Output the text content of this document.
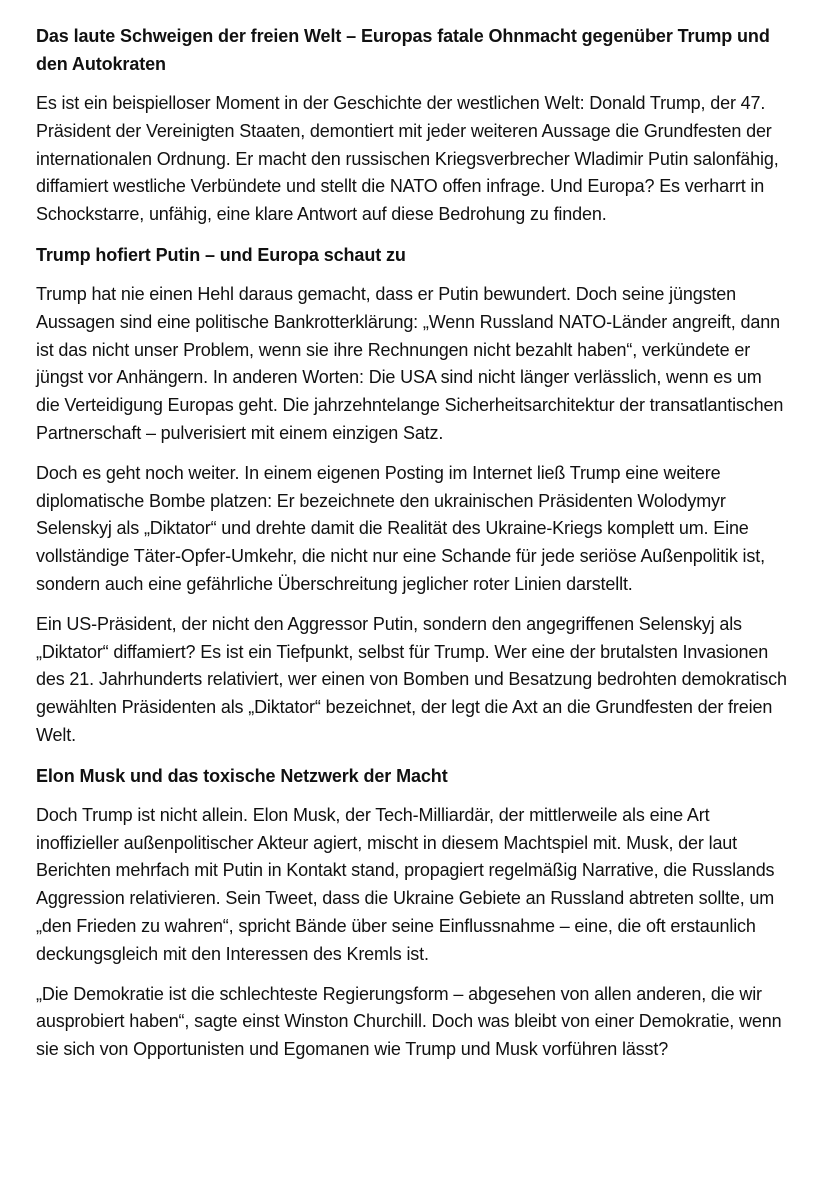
Das laute Schweigen der freien Welt – Europas fatale Ohnmacht gegenüber Trump und den Autokraten
Es ist ein beispielloser Moment in der Geschichte der westlichen Welt: Donald Trump, der 47. Präsident der Vereinigten Staaten, demontiert mit jeder weiteren Aussage die Grundfesten der internationalen Ordnung. Er macht den russischen Kriegsverbrecher Wladimir Putin salonfähig, diffamiert westliche Verbündete und stellt die NATO offen infrage. Und Europa? Es verharrt in Schockstarre, unfähig, eine klare Antwort auf diese Bedrohung zu finden.
Trump hofiert Putin – und Europa schaut zu
Trump hat nie einen Hehl daraus gemacht, dass er Putin bewundert. Doch seine jüngsten Aussagen sind eine politische Bankrotterklärung: „Wenn Russland NATO-Länder angreift, dann ist das nicht unser Problem, wenn sie ihre Rechnungen nicht bezahlt haben“, verkündete er jüngst vor Anhängern. In anderen Worten: Die USA sind nicht länger verlässlich, wenn es um die Verteidigung Europas geht. Die jahrzehntelange Sicherheitsarchitektur der transatlantischen Partnerschaft – pulverisiert mit einem einzigen Satz.
Doch es geht noch weiter. In einem eigenen Posting im Internet ließ Trump eine weitere diplomatische Bombe platzen: Er bezeichnete den ukrainischen Präsidenten Wolodymyr Selenskyj als „Diktator“ und drehte damit die Realität des Ukraine-Kriegs komplett um. Eine vollständige Täter-Opfer-Umkehr, die nicht nur eine Schande für jede seriöse Außenpolitik ist, sondern auch eine gefährliche Überschreitung jeglicher roter Linien darstellt.
Ein US-Präsident, der nicht den Aggressor Putin, sondern den angegriffenen Selenskyj als „Diktator“ diffamiert? Es ist ein Tiefpunkt, selbst für Trump. Wer eine der brutalsten Invasionen des 21. Jahrhunderts relativiert, wer einen von Bomben und Besatzung bedrohten demokratisch gewählten Präsidenten als „Diktator“ bezeichnet, der legt die Axt an die Grundfesten der freien Welt.
Elon Musk und das toxische Netzwerk der Macht
Doch Trump ist nicht allein. Elon Musk, der Tech-Milliardär, der mittlerweile als eine Art inoffizieller außenpolitischer Akteur agiert, mischt in diesem Machtspiel mit. Musk, der laut Berichten mehrfach mit Putin in Kontakt stand, propagiert regelmäßig Narrative, die Russlands Aggression relativieren. Sein Tweet, dass die Ukraine Gebiete an Russland abtreten sollte, um „den Frieden zu wahren“, spricht Bände über seine Einflussnahme – eine, die oft erstaunlich deckungsgleich mit den Interessen des Kremls ist.
„Die Demokratie ist die schlechteste Regierungsform – abgesehen von allen anderen, die wir ausprobiert haben“, sagte einst Winston Churchill. Doch was bleibt von einer Demokratie, wenn sie sich von Opportunisten und Egomanen wie Trump und Musk vorführen lässt?
